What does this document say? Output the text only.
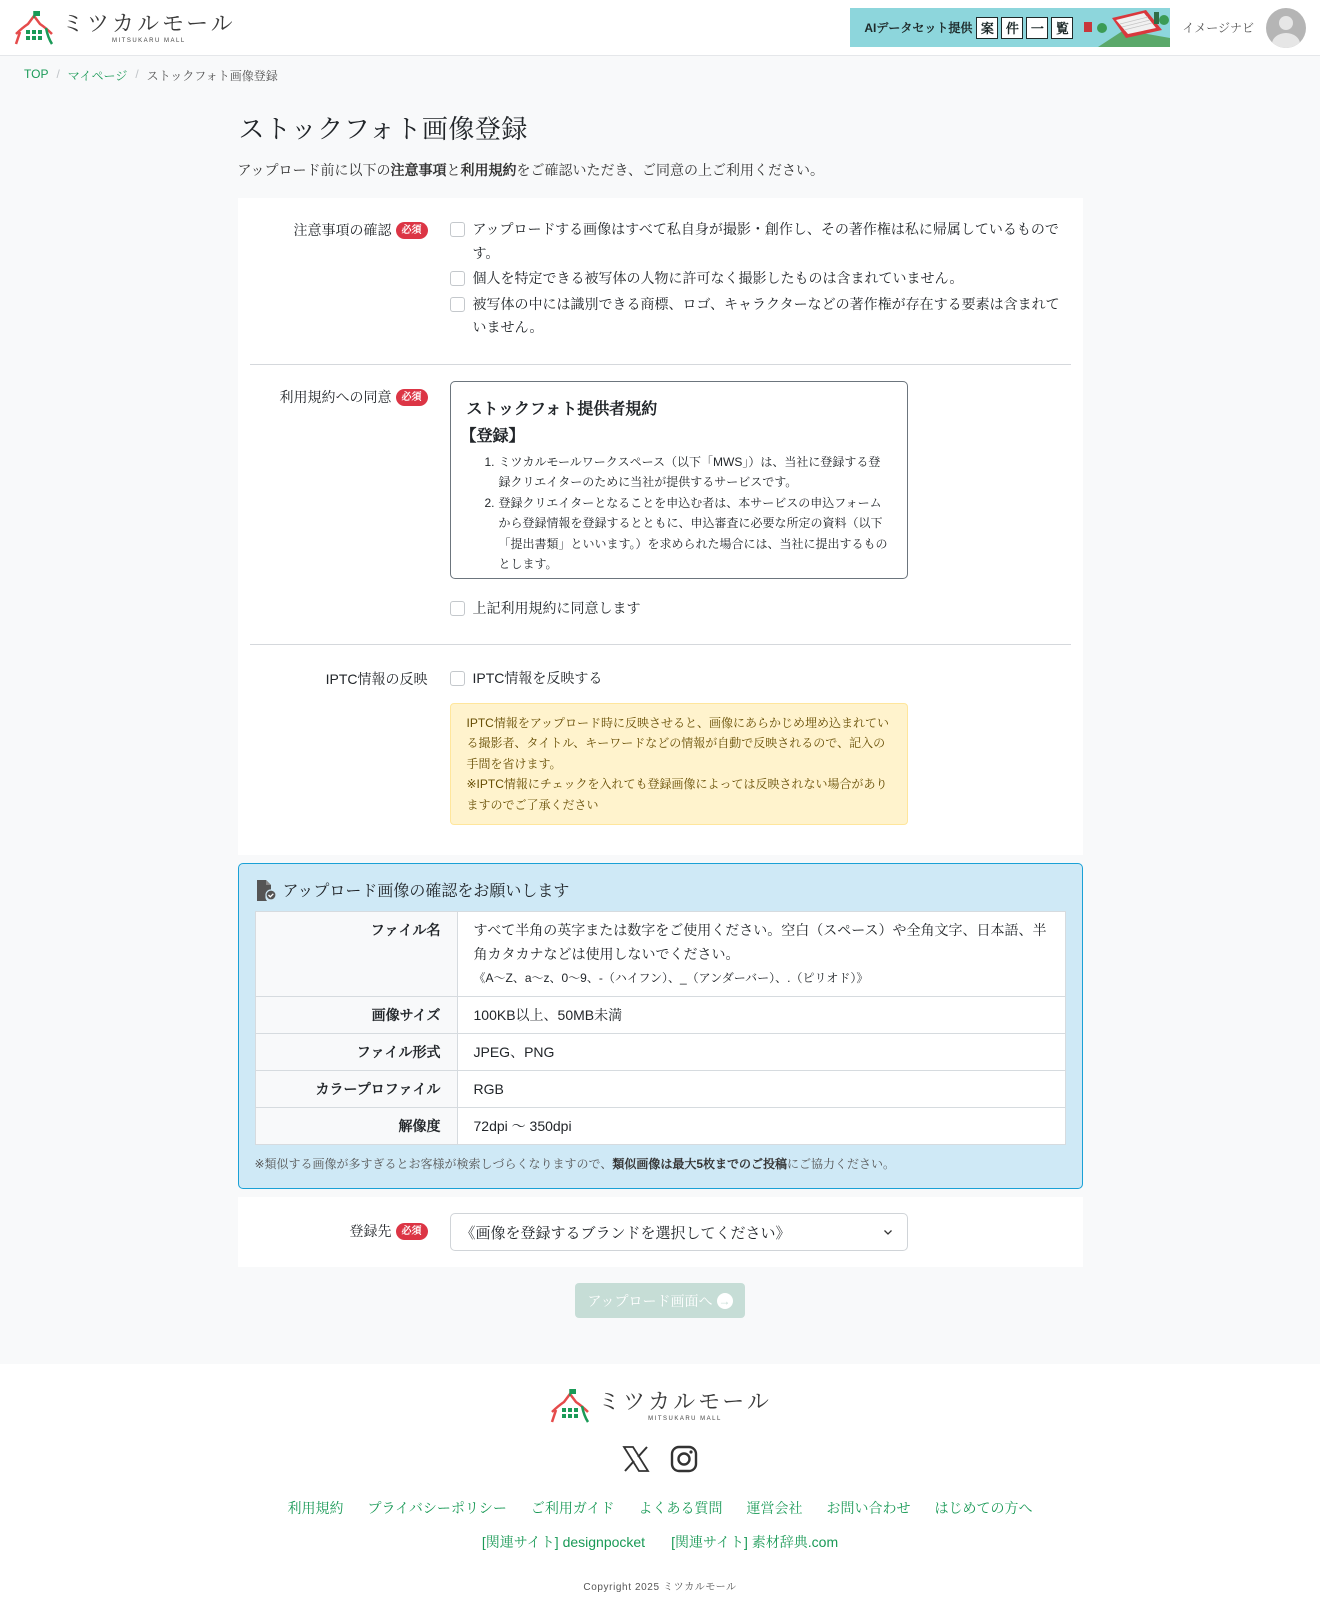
ミツカルモール
MITSUKARU MALL
AIデータセット提供 案 件 一 覧	イメージナビ
TOP / マイページ / ストックフォト画像登録
ストックフォト画像登録

アップロード前に以下の注意事項と利用規約をご確認いただき、ご同意の上ご利用ください。

注意事項の確認	必須	アップロードする画像はすべて私自身が撮影・創作し、その著作権は私に帰属しているものです。
個人を特定できる被写体の人物に許可なく撮影したものは含まれていません。
被写体の中には識別できる商標、ロゴ、キャラクターなどの著作権が存在する要素は含まれていません。
利用規約への同意	必須
ストックフォト提供者規約
【登録】
1. ミツカルモールワークスペース（以下「MWS」）は、当社に登録する登録クリエイターのために当社が提供するサービスです。
2. 登録クリエイターとなることを申込む者は、本サービスの申込フォームから登録情報を登録するとともに、申込審査に必要な所定の資料（以下「提出書類」といいます。）を求められた場合には、当社に提出するものとします。
上記利用規約に同意します
IPTC情報の反映	IPTC情報を反映する
IPTC情報をアップロード時に反映させると、画像にあらかじめ埋め込まれている撮影者、タイトル、キーワードなどの情報が自動で反映されるので、記入の手間を省けます。
※IPTC情報にチェックを入れても登録画像によっては反映されない場合がありますのでご了承ください
アップロード画像の確認をお願いします
ファイル名	すべて半角の英字または数字をご使用ください。空白（スペース）や全角文字、日本語、半角カタカナなどは使用しないでください。
《A〜Z、a〜z、0〜9、-（ハイフン）、_（アンダーバー）、.（ピリオド）》

画像サイズ	100KB以上、50MB未満
ファイル形式	JPEG、PNG
カラープロファイル	RGB
解像度	72dpi 〜 350dpi

※類似する画像が多すぎるとお客様が検索しづらくなりますので、類似画像は最大5枚までのご投稿にご協力ください。

登録先	必須	《画像を登録するブランドを選択してください》
アップロード画面へ →
ミツカルモール
MITSUKARU MALL
利用規約 プライバシーポリシー ご利用ガイド よくある質問 運営会社 お問い合わせ はじめての方へ
[関連サイト] designpocket [関連サイト] 素材辞典.com

Copyright 2025 ミツカルモール
